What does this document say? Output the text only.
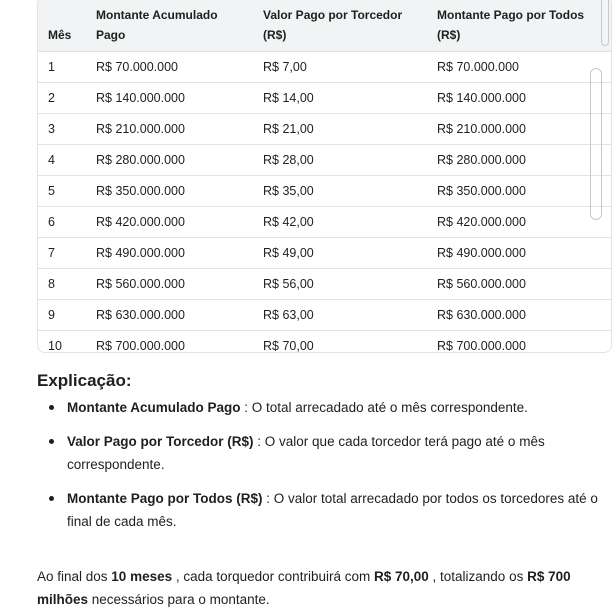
Mês	Montante Acumulado Pago	Valor Pago por Torcedor (R$)	Montante Pago por Todos (R$)
1	R$ 70.000.000	R$ 7,00	R$ 70.000.000
2	R$ 140.000.000	R$ 14,00	R$ 140.000.000
3	R$ 210.000.000	R$ 21,00	R$ 210.000.000
4	R$ 280.000.000	R$ 28,00	R$ 280.000.000
5	R$ 350.000.000	R$ 35,00	R$ 350.000.000
6	R$ 420.000.000	R$ 42,00	R$ 420.000.000
7	R$ 490.000.000	R$ 49,00	R$ 490.000.000
8	R$ 560.000.000	R$ 56,00	R$ 560.000.000
9	R$ 630.000.000	R$ 63,00	R$ 630.000.000
10	R$ 700.000.000	R$ 70,00	R$ 700.000.000
Explicação:
Montante Acumulado Pago : O total arrecadado até o mês correspondente.
Valor Pago por Torcedor (R$) : O valor que cada torcedor terá pago até o mês correspondente.
Montante Pago por Todos (R$) : O valor total arrecadado por todos os torcedores até o final de cada mês.
Ao final dos 10 meses , cada torquedor contribuirá com R$ 70,00 , totalizando os R$ 700 milhões necessários para o montante.
